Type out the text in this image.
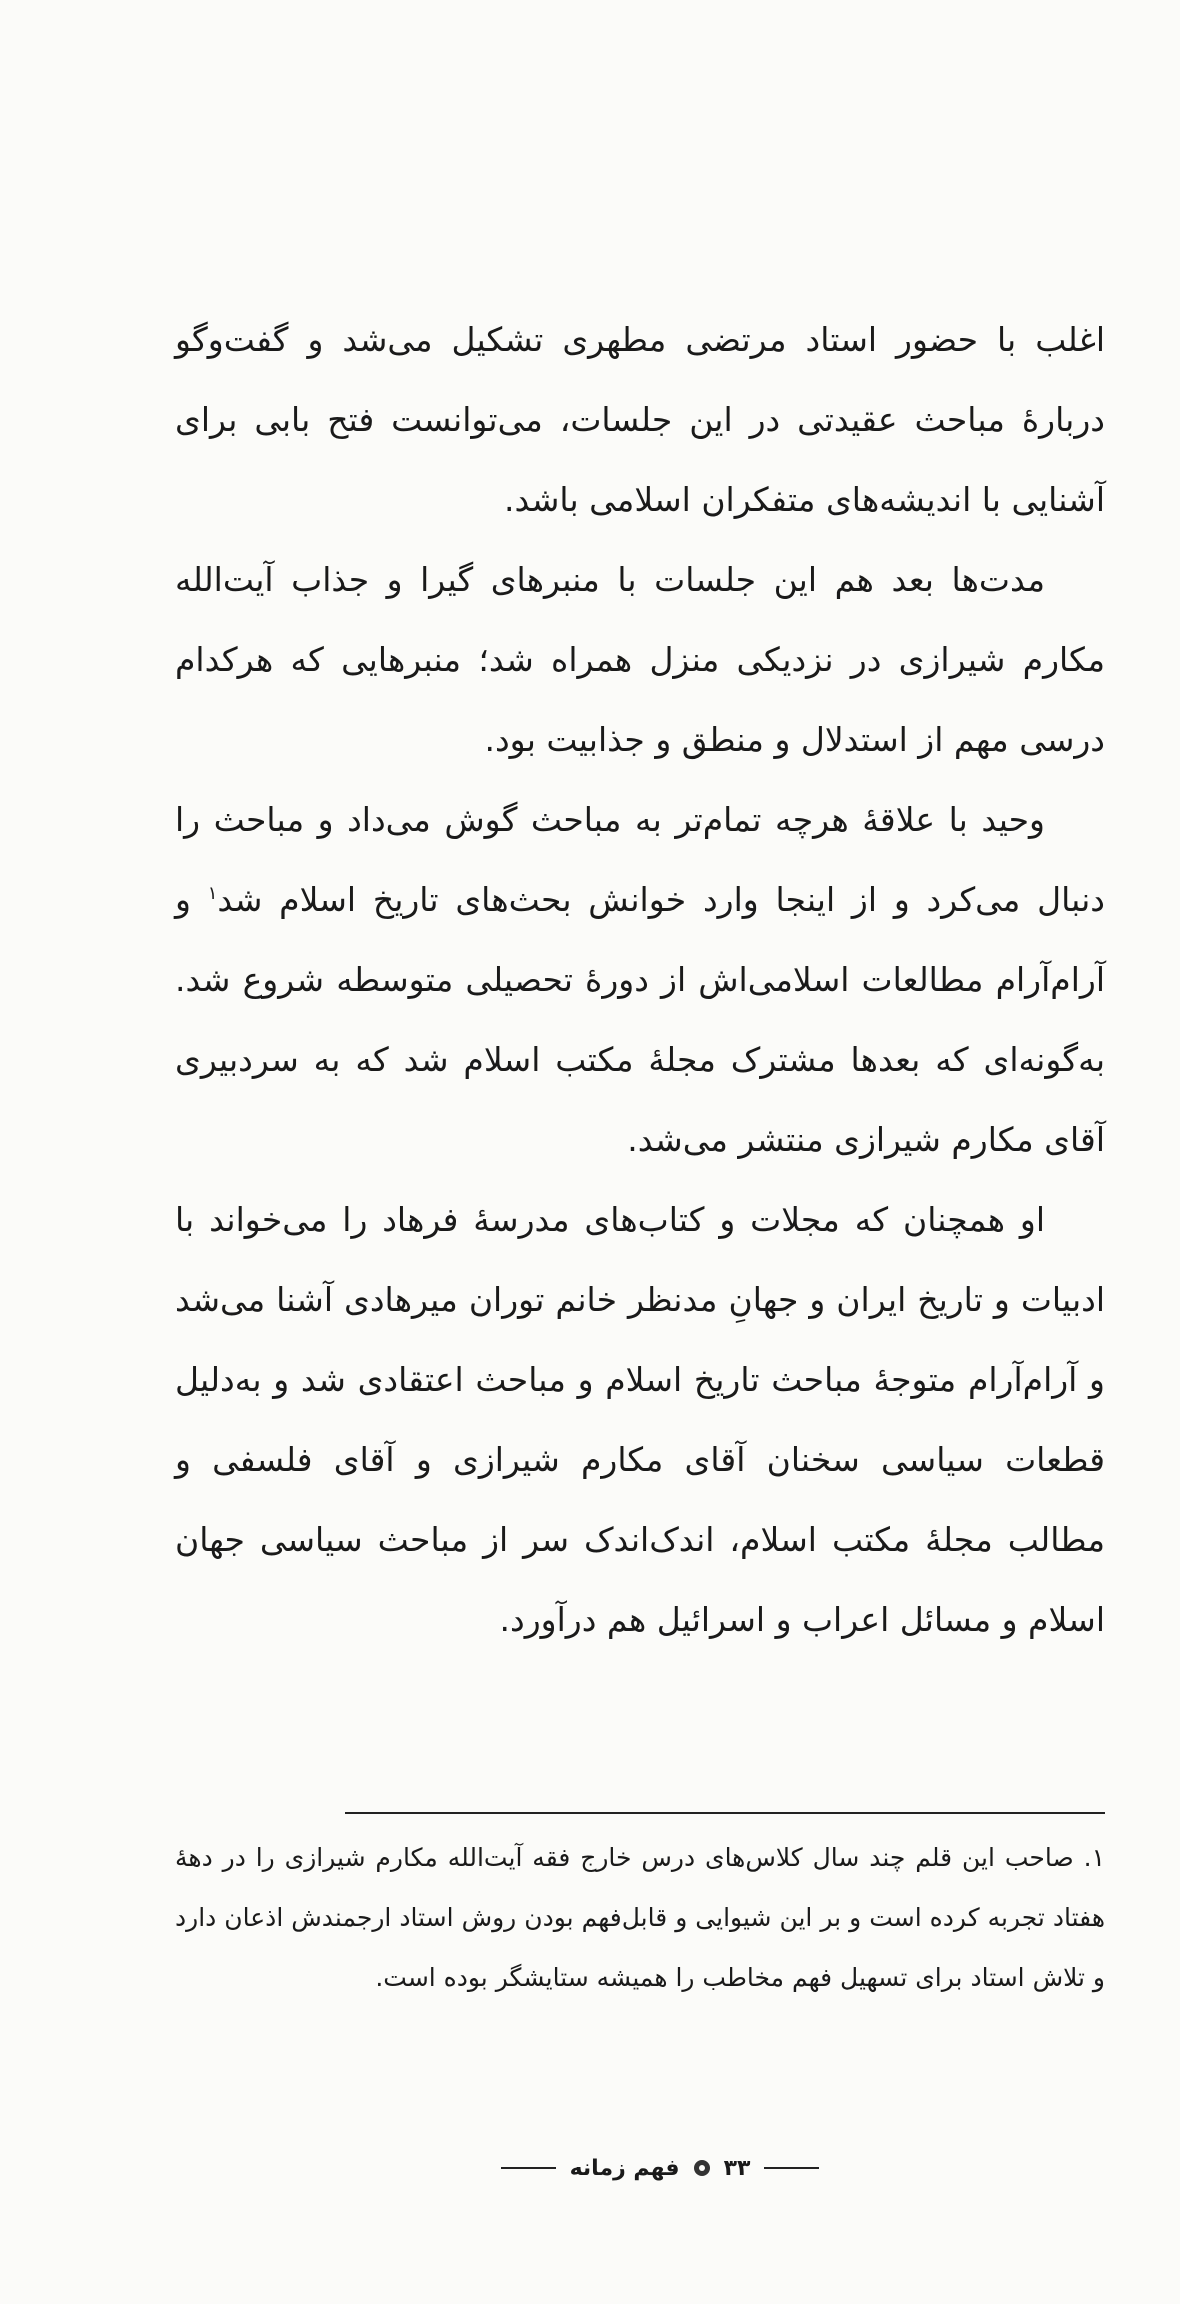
اغلب با حضور استاد مرتضی مطهری تشکیل می‌شد و گفت‌وگو دربارهٔ مباحث عقیدتی در این جلسات، می‌توانست فتح بابی برای آشنایی با اندیشه‌های متفکران اسلامی باشد.

مدت‌ها بعد هم این جلسات با منبرهای گیرا و جذاب آیت‌الله مکارم شیرازی در نزدیکی منزل همراه شد؛ منبرهایی که هرکدام درسی مهم از استدلال و منطق و جذابیت بود.

وحید با علاقهٔ هرچه تمام‌تر به مباحث گوش می‌داد و مباحث را دنبال می‌کرد و از اینجا وارد خوانش بحث‌های تاریخ اسلام شد$^۱$ و آرام‌آرام مطالعات اسلامی‌اش از دورهٔ تحصیلی متوسطه شروع شد. به‌گونه‌ای که بعدها مشترک مجلهٔ مکتب اسلام شد که به سردبیری آقای مکارم شیرازی منتشر می‌شد.

او همچنان که مجلات و کتاب‌های مدرسهٔ فرهاد را می‌خواند با ادبیات و تاریخ ایران و جهانِ مدنظر خانم توران میرهادی آشنا می‌شد و آرام‌آرام متوجهٔ مباحث تاریخ اسلام و مباحث اعتقادی شد و به‌دلیل قطعات سیاسی سخنان آقای مکارم شیرازی و آقای فلسفی و مطالب مجلهٔ مکتب اسلام، اندک‌اندک سر از مباحث سیاسی جهان اسلام و مسائل اعراب و اسرائیل هم درآورد.

۱. صاحب این قلم چند سال کلاس‌های درس خارج فقه آیت‌الله مکارم شیرازی را در دههٔ هفتاد تجربه کرده است و بر این شیوایی و قابل‌فهم بودن روش استاد ارجمندش اذعان دارد و تلاش استاد برای تسهیل فهم مخاطب را همیشه ستایشگر بوده است.

فهم زمانه ۳۳
